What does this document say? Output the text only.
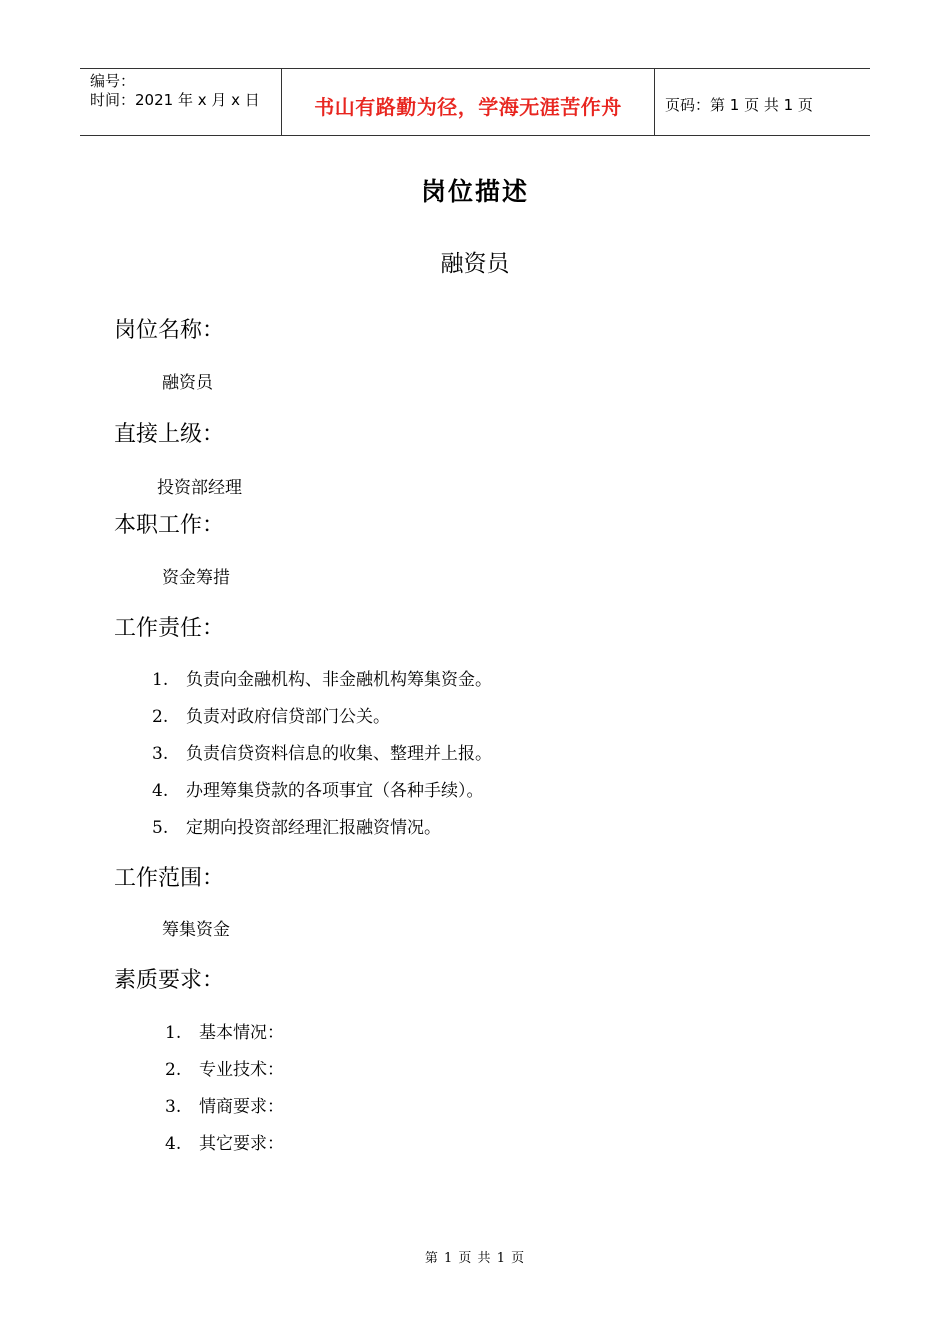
编号：
时间：2021 年 x 月 x 日	书山有路勤为径，学海无涯苦作舟	页码：第 1 页 共 1 页
岗位描述
融资员
岗位名称：
融资员
直接上级：
投资部经理
本职工作：
资金筹措
工作责任：
1. 负责向金融机构、非金融机构筹集资金。
2. 负责对政府信贷部门公关。
3. 负责信贷资料信息的收集、整理并上报。
4. 办理筹集贷款的各项事宜（各种手续）。
5. 定期向投资部经理汇报融资情况。
工作范围：
筹集资金
素质要求：
1. 基本情况：
2. 专业技术：
3. 情商要求：
4. 其它要求：
第 1 页 共 1 页
